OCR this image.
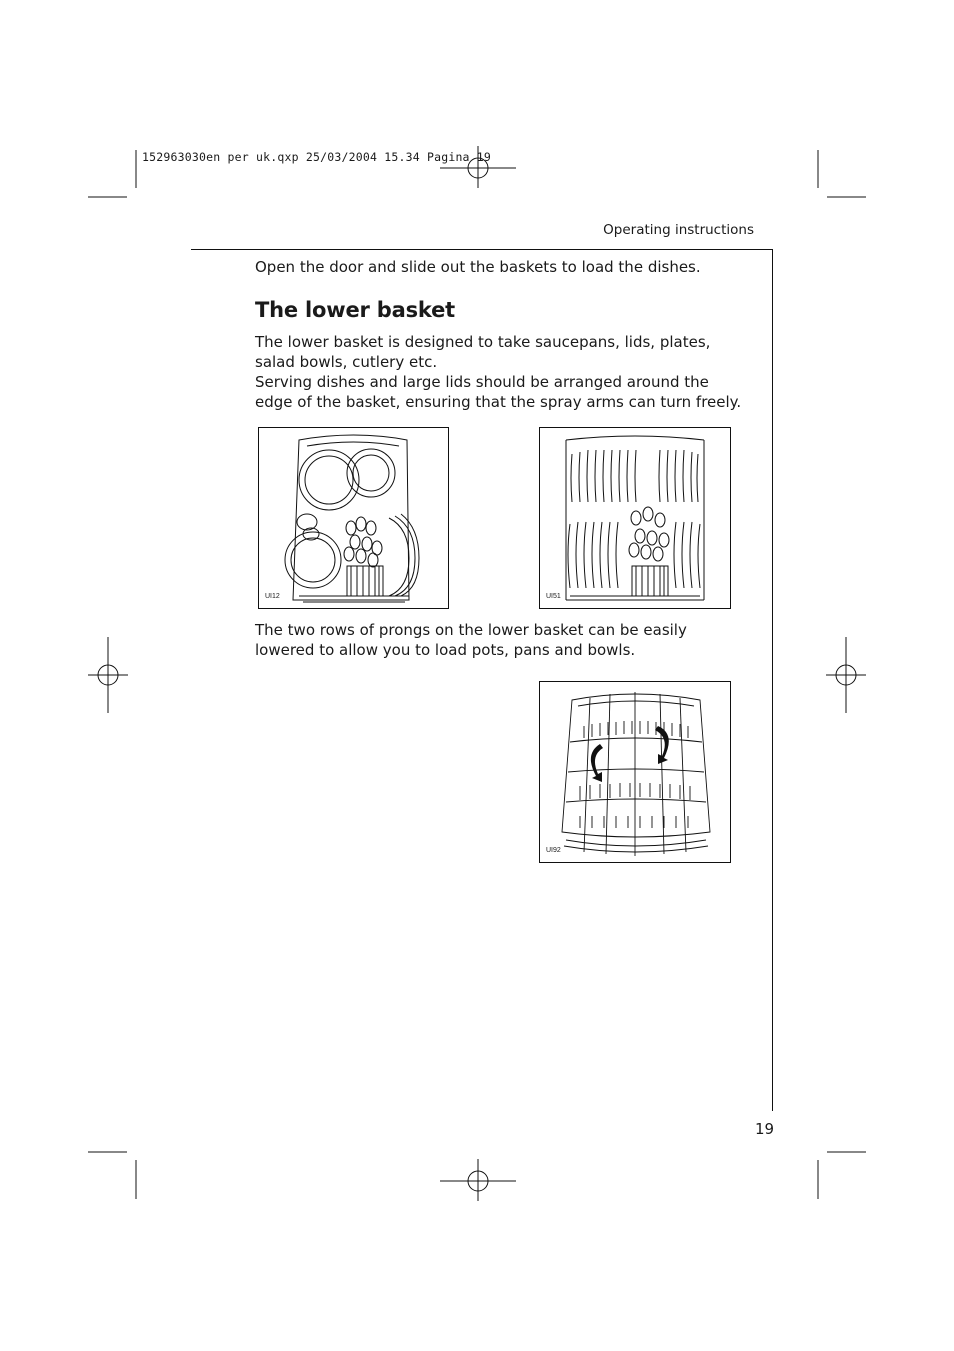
152963030en per uk.qxp 25/03/2004 15.34 Pagina 19
Operating instructions
Open the door and slide out the baskets to load the dishes.
The lower basket
The lower basket is designed to take saucepans, lids, plates, salad bowls, cutlery etc.
Serving dishes and large lids should be arranged around the edge of the basket, ensuring that the spray arms can turn freely.
UI12	UI51
The two rows of prongs on the lower basket can be easily lowered to allow you to load pots, pans and bowls.
UI92
19
